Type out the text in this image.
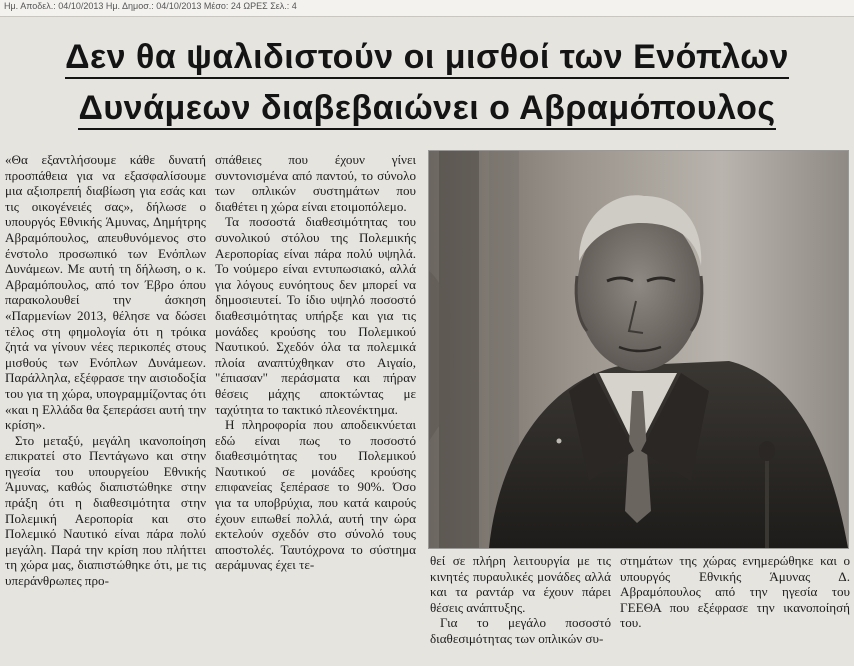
Ημ. Αποδελ.: 04/10/2013 Ημ. Δημοσ.: 04/10/2013 Μέσο: 24 ΩΡΕΣ Σελ.: 4
Δεν θα ψαλιδιστούν οι μισθοί των Ενόπλων
Δυνάμεων διαβεβαιώνει ο Αβραμόπουλος

«Θα εξαντλήσουμε κάθε δυνατή προσπάθεια για να εξασφαλίσουμε μια αξιοπρεπή διαβίωση για εσάς και τις οικογένειές σας», δήλωσε ο υπουργός Εθνικής Άμυνας, Δημήτρης Αβραμόπουλος, απευθυνόμενος στο ένστολο προσωπικό των Ενόπλων Δυνάμεων. Με αυτή τη δήλωση, ο κ. Αβραμόπουλος, από τον Έβρο όπου παρακολουθεί την άσκηση «Παρμενίων 2013, θέλησε να δώσει τέλος στη φημολογία ότι η τρόικα ζητά να γίνουν νέες περικοπές στους μισθούς των Ενόπλων Δυνάμεων. Παράλληλα, εξέφρασε την αισιοδοξία του για τη χώρα, υπογραμμίζοντας ότι «και η Ελλάδα θα ξεπεράσει αυτή την κρίση».

Στο μεταξύ, μεγάλη ικανοποίηση επικρατεί στο Πεντάγωνο και στην ηγεσία του υπουργείου Εθνικής Άμυνας, καθώς διαπιστώθηκε στην πράξη ότι η διαθεσιμότητα στην Πολεμική Αεροπορία και στο Πολεμικό Ναυτικό είναι πάρα πολύ μεγάλη. Παρά την κρίση που πλήττει τη χώρα μας, διαπιστώθηκε ότι, με τις υπεράνθρωπες προ-

σπάθειες που έχουν γίνει συντονισμένα από παντού, το σύνολο των οπλικών συστημάτων που διαθέτει η χώρα είναι ετοιμοπόλεμο.

Τα ποσοστά διαθεσιμότητας του συνολικού στόλου της Πολεμικής Αεροπορίας είναι πάρα πολύ υψηλά. Το νούμερο είναι εντυπωσιακό, αλλά για λόγους ευνόητους δεν μπορεί να δημοσιευτεί. Το ίδιο υψηλό ποσοστό διαθεσιμότητας υπήρξε και για τις μονάδες κρούσης του Πολεμικού Ναυτικού. Σχεδόν όλα τα πολεμικά πλοία αναπτύχθηκαν στο Αιγαίο, "έπιασαν" περάσματα και πήραν θέσεις μάχης αποκτώντας με ταχύτητα το τακτικό πλεονέκτημα.

Η πληροφορία που αποδεικνύεται εδώ είναι πως το ποσοστό διαθεσιμότητας του Πολεμικού Ναυτικού σε μονάδες κρούσης επιφανείας ξεπέρασε το 90%. Όσο για τα υποβρύχια, που κατά καιρούς έχουν ειπωθεί πολλά, αυτή την ώρα εκτελούν σχεδόν στο σύνολό τους αποστολές. Ταυτόχρονα το σύστημα αεράμυνας έχει τε-	θεί σε πλήρη λειτουργία με τις κινητές πυραυλικές μονάδες αλλά και τα ραντάρ να έχουν πάρει θέσεις ανάπτυξης.

Για το μεγάλο ποσοστό διαθεσιμότητας των οπλικών συ-

στημάτων της χώρας ενημερώθηκε και ο υπουργός Εθνικής Άμυνας Δ. Αβραμόπουλος από την ηγεσία του ΓΕΕΘΑ που εξέφρασε την ικανοποίησή του.
